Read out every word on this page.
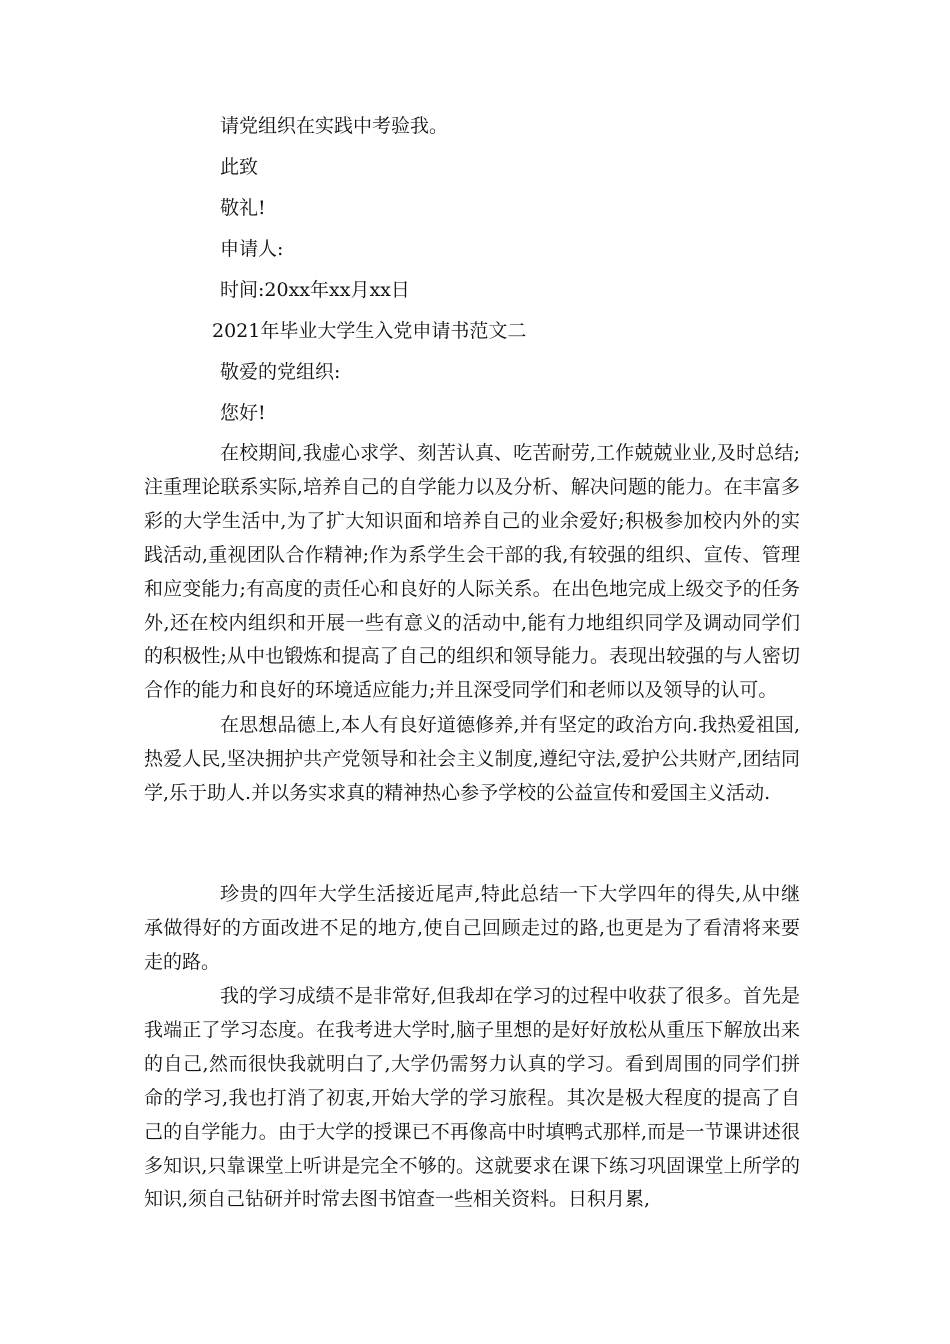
请党组织在实践中考验我。
此致
敬礼!
申请人:
时间:20xx年xx月xx日
2021年毕业大学生入党申请书范文二
敬爱的党组织:
您好!
在校期间,我虚心求学、刻苦认真、吃苦耐劳,工作兢兢业业,及时总结;注重理论联系实际,培养自己的自学能力以及分析、解决问题的能力。在丰富多彩的大学生活中,为了扩大知识面和培养自己的业余爱好;积极参加校内外的实践活动,重视团队合作精神;作为系学生会干部的我,有较强的组织、宣传、管理和应变能力;有高度的责任心和良好的人际关系。在出色地完成上级交予的任务外,还在校内组织和开展一些有意义的活动中,能有力地组织同学及调动同学们的积极性;从中也锻炼和提高了自己的组织和领导能力。表现出较强的与人密切合作的能力和良好的环境适应能力;并且深受同学们和老师以及领导的认可。
在思想品德上,本人有良好道德修养,并有坚定的政治方向.我热爱祖国,热爱人民,坚决拥护共产党领导和社会主义制度,遵纪守法,爱护公共财产,团结同学,乐于助人.并以务实求真的精神热心参予学校的公益宣传和爱国主义活动.
珍贵的四年大学生活接近尾声,特此总结一下大学四年的得失,从中继承做得好的方面改进不足的地方,使自己回顾走过的路,也更是为了看清将来要走的路。
我的学习成绩不是非常好,但我却在学习的过程中收获了很多。首先是我端正了学习态度。在我考进大学时,脑子里想的是好好放松从重压下解放出来的自己,然而很快我就明白了,大学仍需努力认真的学习。看到周围的同学们拼命的学习,我也打消了初衷,开始大学的学习旅程。其次是极大程度的提高了自己的自学能力。由于大学的授课已不再像高中时填鸭式那样,而是一节课讲述很多知识,只靠课堂上听讲是完全不够的。这就要求在课下练习巩固课堂上所学的知识,须自己钻研并时常去图书馆查一些相关资料。日积月累,
